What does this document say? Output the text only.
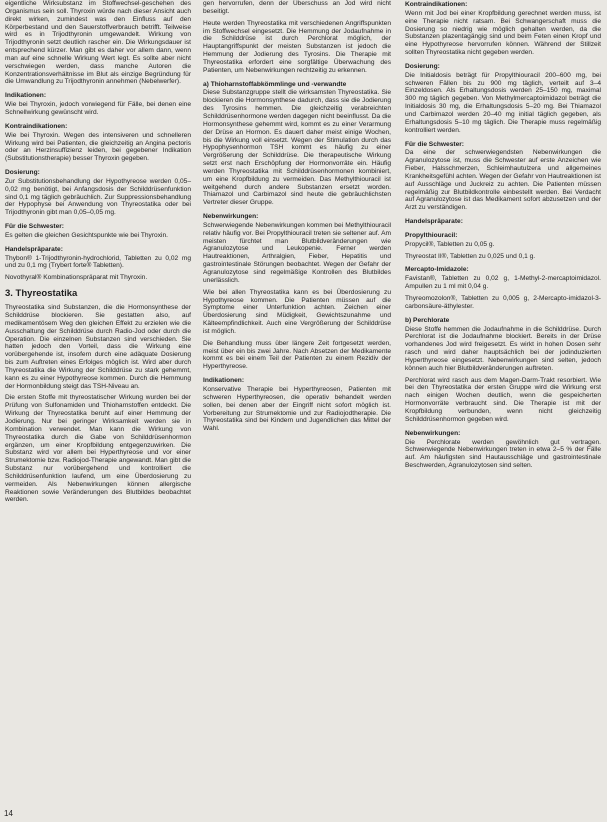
eigentliche Wirksubstanz im Stoffwechsel-geschehen des Organismus sein soll. Thyroxin würde nach dieser Ansicht auch direkt wirken, zumindest was den Einfluss auf den Körperbestand und den Sauerstoffverbrauch betrifft. Teilweise wird es in Trijodthyronin umgewandelt. Wirkung von Trijodthyronin setzt deutlich rascher ein. Die Wirkungsdauer ist entsprechend kürzer. Man gibt es daher vor allem dann, wenn man auf eine schnelle Wirkung Wert legt. Es sollte aber nicht verschwiegen werden, dass manche Autoren die Konzentrationsverhältnisse im Blut als einzige Begründung für die Umwandlung zu Trijodthyronin annehmen (Nebelwerfer).
Indikationen:
Wie bei Thyroxin, jedoch vorwiegend für Fälle, bei denen eine Schnellwirkung gewünscht wird.
Kontraindikationen:
Wie bei Thyroxin. Wegen des intensiveren und schnelleren Wirkung wird bei Patienten, die gleichzeitig an Angina pectoris oder an Herzinsuffizienz leiden, bei gegebener Indikation (Substitutionstherapie) besser Thyroxin gegeben.
Dosierung:
Zur Substitutionsbehandlung der Hypothyreose werden 0,05–0,02 mg benötigt, bei Anfangsdosis der Schilddrüsenfunktion sind 0,1 mg täglich gebräuchlich. Zur Suppressionsbehandlung der Hypophyse bei Anwendung von Thyreostatika oder bei Trijodthyronin gibt man 0,05–0,05 mg.
Für die Schwester:
Es gelten die gleichen Gesichtspunkte wie bei Thyroxin.
Handelspräparate:
Thybon® 1-Trijodthyronin-hydrochlorid, Tabletten zu 0,02 mg und zu 0,1 mg (Trybert forte® Tabletten).
Novothyral® Kombinationspräparat mit Thyroxin.
3. Thyreostatika
Thyreostatika sind Substanzen, die die Hormonsynthese der Schilddrüse blockieren. Sie gestatten also, auf medikamentösem Weg den gleichen Effekt zu erzielen wie die Ausschaltung der Schilddrüse durch Radio-Jod oder durch die Operation. Die einzelnen Substanzen sind verschieden. Sie hatten jedoch den Vorteil, dass die Wirkung eine vorübergehende ist, insofern durch eine adäquate Dosierung bis zum Auftreten eines Erfolges möglich ist. Wird aber durch Thyreostatika die Wirkung der Schilddrüse zu stark gehemmt, kann es zu einer Hypothyreose kommen. Durch die Hemmung der Hormonbildung steigt das TSH-Niveau an.
Die ersten Stoffe mit thyreostatischer Wirkung wurden bei der Prüfung von Sulfonamiden und Thioharnstoffen entdeckt. Die Wirkung der Thyreostatika beruht auf einer Hemmung der Jodierung. Nur bei geringer Wirksamkeit werden sie in Kombination verwendet. Man kann die Wirkung von Thyreostatika durch die Gabe von Schilddrüsenhormon ergänzen, um einer Kropfbildung entgegenzuwirken. Die Substanz wird vor allem bei Hyperthyreose und vor einer Strumektomie bzw. Radiojod-Therapie angewandt. Man gibt die Substanz nur vorübergehend und kontrolliert die Schilddrüsenfunktion laufend, um eine Überdosierung zu vermeiden. Als Nebenwirkungen können allergische Reaktionen sowie Veränderungen des Blutbildes beobachtet werden.
gen hervorrufen, denn der Überschuss an Jod wird nicht beseitigt.
Heute werden Thyreostatika mit verschiedenen Angriffspunkten im Stoffwechsel eingesetzt. Die Hemmung der Jodaufnahme in die Schilddrüse ist durch Perchlorat möglich, der Hauptangriffspunkt der meisten Substanzen ist jedoch die Hemmung der Jodierung des Tyrosins. Die Therapie mit Thyreostatika erfordert eine sorgfältige Überwachung des Patienten, um Nebenwirkungen rechtzeitig zu erkennen.
a) Thioharnstoffabkömmlinge und -verwandte
Diese Substanzgruppe stellt die wirksamsten Thyreostatika. Sie blockieren die Hormonsynthese dadurch, dass sie die Jodierung des Tyrosins hemmen. Die gleichzeitig verabreichten Schilddrüsenhormone werden dagegen nicht beeinflusst. Da die Hormonsynthese gehemmt wird, kommt es zu einer Verarmung der Drüse an Hormon. Es dauert daher meist einige Wochen, bis die Wirkung voll einsetzt. Wegen der Stimulation durch das Hypophysenhormon TSH kommt es häufig zu einer Vergrößerung der Schilddrüse. Die therapeutische Wirkung setzt erst nach Erschöpfung der Hormonvorräte ein. Häufig werden Thyreostatika mit Schilddrüsenhormonen kombiniert, um eine Kropfbildung zu vermeiden. Das Methylthiouracil ist weitgehend durch andere Substanzen ersetzt worden. Thiamazol und Carbimazol sind heute die gebräuchlichsten Vertreter dieser Gruppe.
Nebenwirkungen:
Schwerwiegende Nebenwirkungen kommen bei Methylthiouracil relativ häufig vor. Bei Propylthiouracil treten sie seltener auf. Am meisten fürchtet man Blutbildveränderungen wie Agranulozytose und Leukopenie. Ferner werden Hautreaktionen, Arthralgien, Fieber, Hepatitis und gastrointestinale Störungen beobachtet. Wegen der Gefahr der Agranulozytose sind regelmäßige Kontrollen des Blutbildes unerlässlich.
Wie bei allen Thyreostatika kann es bei Überdosierung zu Hypothyreose kommen. Die Patienten müssen auf die Symptome einer Unterfunktion achten. Zeichen einer Überdosierung sind Müdigkeit, Gewichtszunahme und Kälteempfindlichkeit. Auch eine Vergrößerung der Schilddrüse ist möglich.
Die Behandlung muss über längere Zeit fortgesetzt werden, meist über ein bis zwei Jahre. Nach Absetzen der Medikamente kommt es bei einem Teil der Patienten zu einem Rezidiv der Hyperthyreose.
Indikationen:
Konservative Therapie bei Hyperthyreosen, Patienten mit schweren Hyperthyreosen, die operativ behandelt werden sollen, bei denen aber der Eingriff nicht sofort möglich ist. Vorbereitung zur Strumektomie und zur Radiojodtherapie. Die Thyreostatika sind bei Kindern und Jugendlichen das Mittel der Wahl.
Kontraindikationen:
Wenn mit Jod bei einer Kropfbildung gerechnet werden muss, ist eine Therapie nicht ratsam. Bei Schwangerschaft muss die Dosierung so niedrig wie möglich gehalten werden, da die Substanzen plazentagängig sind und beim Feten einen Kropf und eine Hypothyreose hervorrufen können. Während der Stillzeit sollten Thyreostatika nicht gegeben werden.
Dosierung:
Die Initialdosis beträgt für Propylthiouracil 200–600 mg, bei schweren Fällen bis zu 900 mg täglich, verteilt auf 3–4 Einzeldosen. Als Erhaltungsdosis werden 25–150 mg, maximal 300 mg täglich gegeben. Von Methylmercaptoimidazol beträgt die Initialdosis 30 mg, die Erhaltungsdosis 5–20 mg. Bei Thiamazol und Carbimazol werden 20–40 mg initial täglich gegeben, als Erhaltungsdosis 5–10 mg täglich. Die Therapie muss regelmäßig kontrolliert werden.
Für die Schwester:
Da eine der schwerwiegendsten Nebenwirkungen die Agranulozytose ist, muss die Schwester auf erste Anzeichen wie Fieber, Halsschmerzen, Schleimhautulzera und allgemeines Krankheitsgefühl achten. Wegen der Gefahr von Hautreaktionen ist auf Ausschläge und Juckreiz zu achten. Die Patienten müssen regelmäßig zur Blutbildkontrolle einbestellt werden. Bei Verdacht auf Agranulozytose ist das Medikament sofort abzusetzen und der Arzt zu verständigen.
Handelspräparate:
Propylthiouracil:
Propycil®, Tabletten zu 0,05 g.
Thyreostat II®, Tabletten zu 0,025 und 0,1 g.
Mercapto-Imidazole:
Favistan®, Tabletten zu 0,02 g, 1-Methyl-2-mercaptoimidazol. Ampullen zu 1 ml mit 0,04 g.
Thyreomozolon®, Tabletten zu 0,005 g, 2-Mercapto-imidazol-3-carbonsäure-äthylester.
b) Perchlorate
Diese Stoffe hemmen die Jodaufnahme in die Schilddrüse. Durch Perchlorat ist die Jodaufnahme blockiert. Bereits in der Drüse vorhandenes Jod wird freigesetzt. Es wirkt in hohen Dosen sehr rasch und wird daher hauptsächlich bei der jodinduzierten Hyperthyreose eingesetzt. Nebenwirkungen sind selten, jedoch können auch hier Blutbildveränderungen auftreten.
Perchlorat wird rasch aus dem Magen-Darm-Trakt resorbiert. Wie bei den Thyreostatika der ersten Gruppe wird die Wirkung erst nach einigen Wochen deutlich, wenn die gespeicherten Hormonvorräte verbraucht sind. Die Therapie ist mit der Kropfbildung verbunden, wenn nicht gleichzeitig Schilddrüsenhormon gegeben wird.
Nebenwirkungen:
Die Perchlorate werden gewöhnlich gut vertragen. Schwerwiegende Nebenwirkungen treten in etwa 2–5 % der Fälle auf. Am häufigsten sind Hautausschläge und gastrointestinale Beschwerden, Agranulozytosen sind selten.
14
